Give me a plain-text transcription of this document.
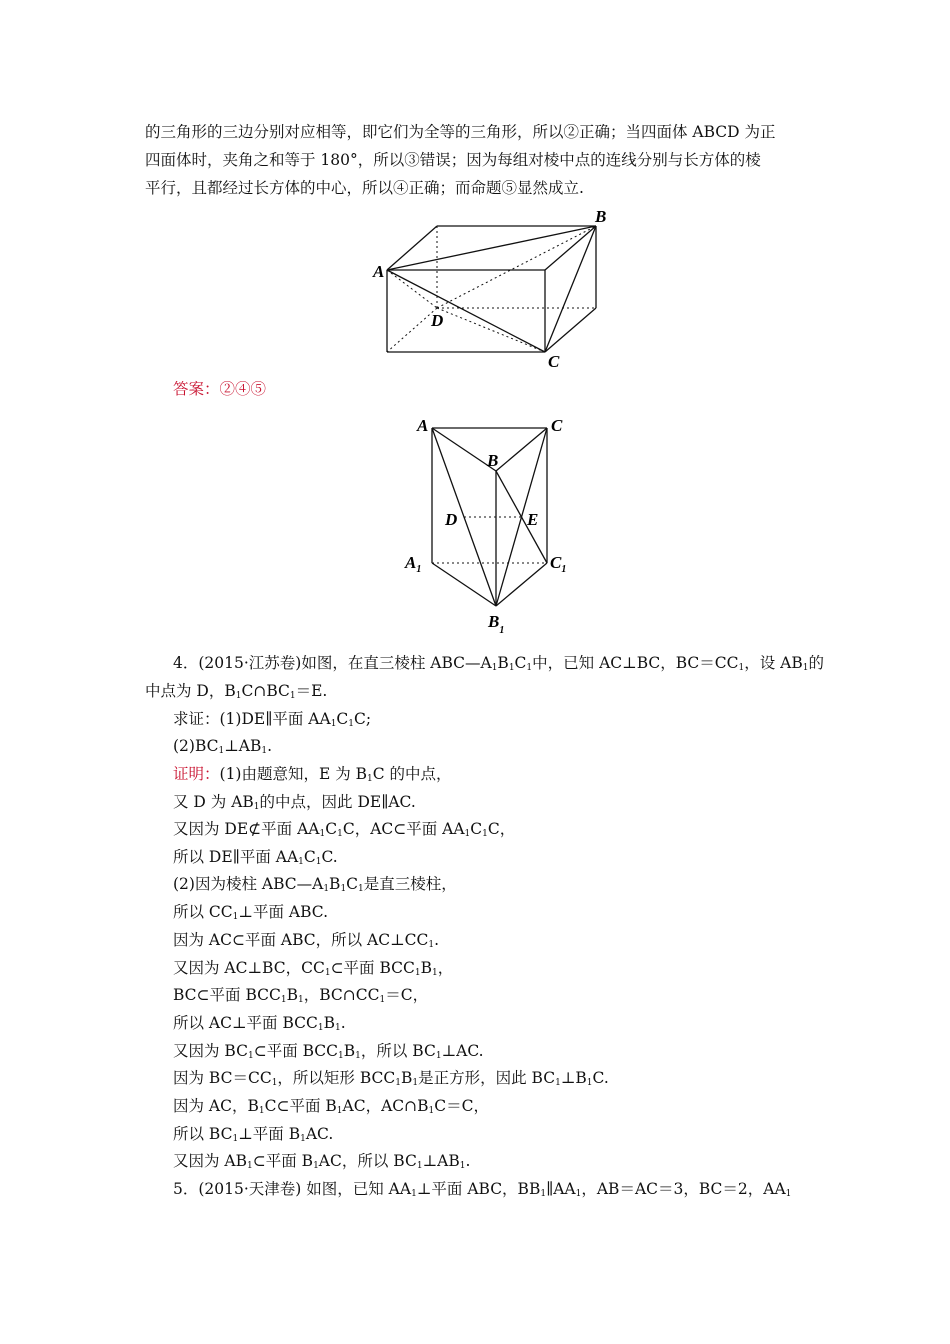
的三角形的三边分别对应相等，即它们为全等的三角形，所以②正确；当四面体 ABCD 为正
四面体时，夹角之和等于 180°，所以③错误；因为每组对棱中点的连线分别与长方体的棱
平行，且都经过长方体的中心，所以④正确；而命题⑤显然成立.
A
B
C
D
答案：②④⑤
A	C
B
D	E
$A_1$	$C_1$
$B_1$
4．(2015·江苏卷)如图，在直三棱柱 $ABC—A_1B_1C_1$中，已知 AC⊥BC，$BC=CC_1$，设 $AB_1$的
中点为 D，$B_1C\cap BC_1=E$.
求证：(1)DE∥平面 $AA_1C_1C$;
$(2)BC_1\perp AB_1$.
证明：(1)由题意知，E 为 $B_1C$ 的中点，
又 D 为 $AB_1$的中点，因此 DE∥AC.
又因为 DE⊄平面 $AA_1C_1C$，AC⊂平面 $AA_1C_1C$，
所以 DE∥平面 $AA_1C_1C$.
(2)因为棱柱 $ABC—A_1B_1C_1$是直三棱柱，
所以 $CC_1\perp$平面 ABC.
因为 AC⊂平面 ABC，所以 $AC\perp CC_1$.
又因为 AC⊥BC，$CC_1\subset$平面 $BCC_1B_1$，
BC⊂平面 $BCC_1B_1$，$BC\cap CC_1=C$，
所以 AC⊥平面 $BCC_1B_1$.
又因为 $BC_1\subset$平面 $BCC_1B_1$，所以 $BC_1\perp AC$.
因为 $BC=CC_1$，所以矩形 $BCC_1B_1$是正方形，因此 $BC_1\perp B_1C$.
因为 AC，$B_1C\subset$平面 $B_1AC$，$AC\cap B_1C=C$，
所以 $BC_1\perp$平面 $B_1AC$.
又因为 $AB_1\subset$平面 $B_1AC$，所以 $BC_1\perp AB_1$.
5．(2015·天津卷) 如图，已知 $AA_1\perp$平面 ABC，$BB_1\parallel AA_1$，AB＝AC＝3，BC＝2，$AA_1$
